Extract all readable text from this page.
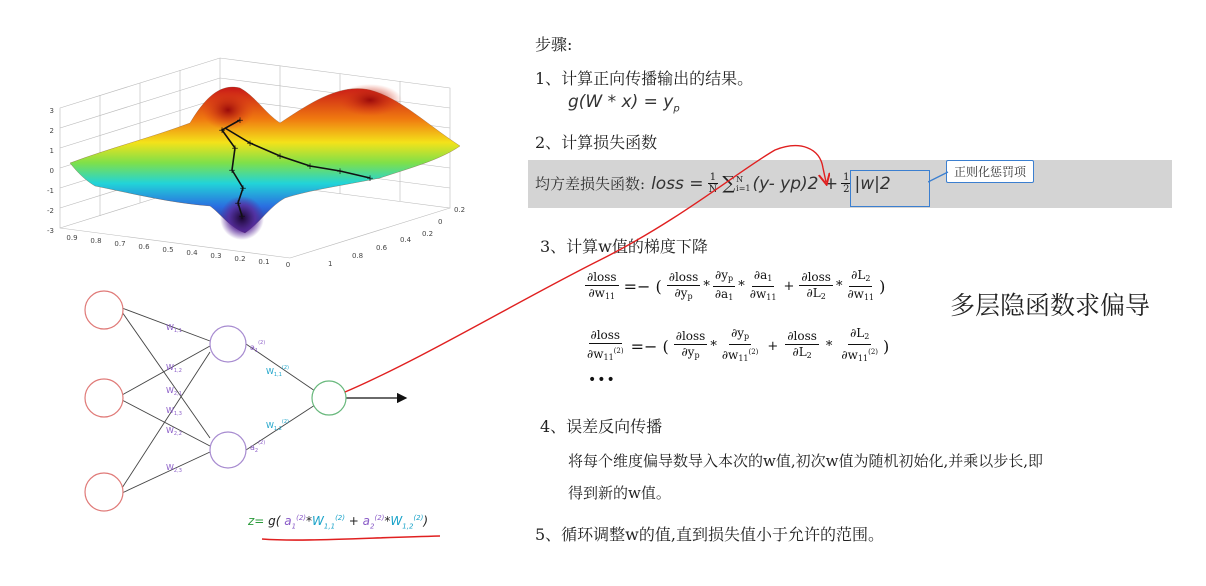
+
+
+
+
+
+
+
+
+
+ +
+
3
2
1
0
-1
-2
-3
0.9 0.8 0.7 0.6 0.5 0.4 0.3 0.2 0.1 0
0.2
0
0.2
0.4
0.6
0.8
1
$W_{1,1}$
$W_{1,2}$
$W_{2,1}$
$W_{1,3}$
$W_{2,2}$
$W_{2,3}$
$a_1^{(2)}$
$a_2^{(2)}$
$W_{1,1}^{(2)}$
$W_{1,2}^{(2)}$
z= g( $a_1^{(2)}*W_{1,1}^{(2)} + a_2^{(2)}*W_{1,2}^{(2)}$)
步骤:
1、计算正向传播输出的结果。
$g(W * x) = y_p$
2、计算损失函数
均方差损失函数: loss = $\frac{1}{N}$ ∑ N
i=1 (y- $yp)2 + \frac{1}{2} |w|2$
正则化惩罚项
3、计算w值的梯度下降
$\frac{\text{∂loss}}{\partial w_{11}}$ =− ( $\frac{\text{∂loss}}{\partial y_p} * \frac{\partial y_p}{\partial a_1} * \frac{\partial a_1}{\partial w_{11}} + \frac{\text{∂loss}}{\partial L_2} * \frac{\partial L_2}{\partial w_{11}}$ )
$\frac{\text{∂loss}}{\partial w_{11}^{(2)}}$ =− ( $\frac{\text{∂loss}}{\partial y_p} * \frac{\partial y_p}{\partial w_{11}^{(2)}} + \frac{\text{∂loss}}{\partial L_2} * \frac{\partial L_2}{\partial w_{11}^{(2)}}$ )
•••
多层隐函数求偏导
4、误差反向传播
将每个维度偏导数导入本次的w值,初次w值为随机初始化,并乘以步长,即
得到新的w值。
5、循环调整w的值,直到损失值小于允许的范围。
